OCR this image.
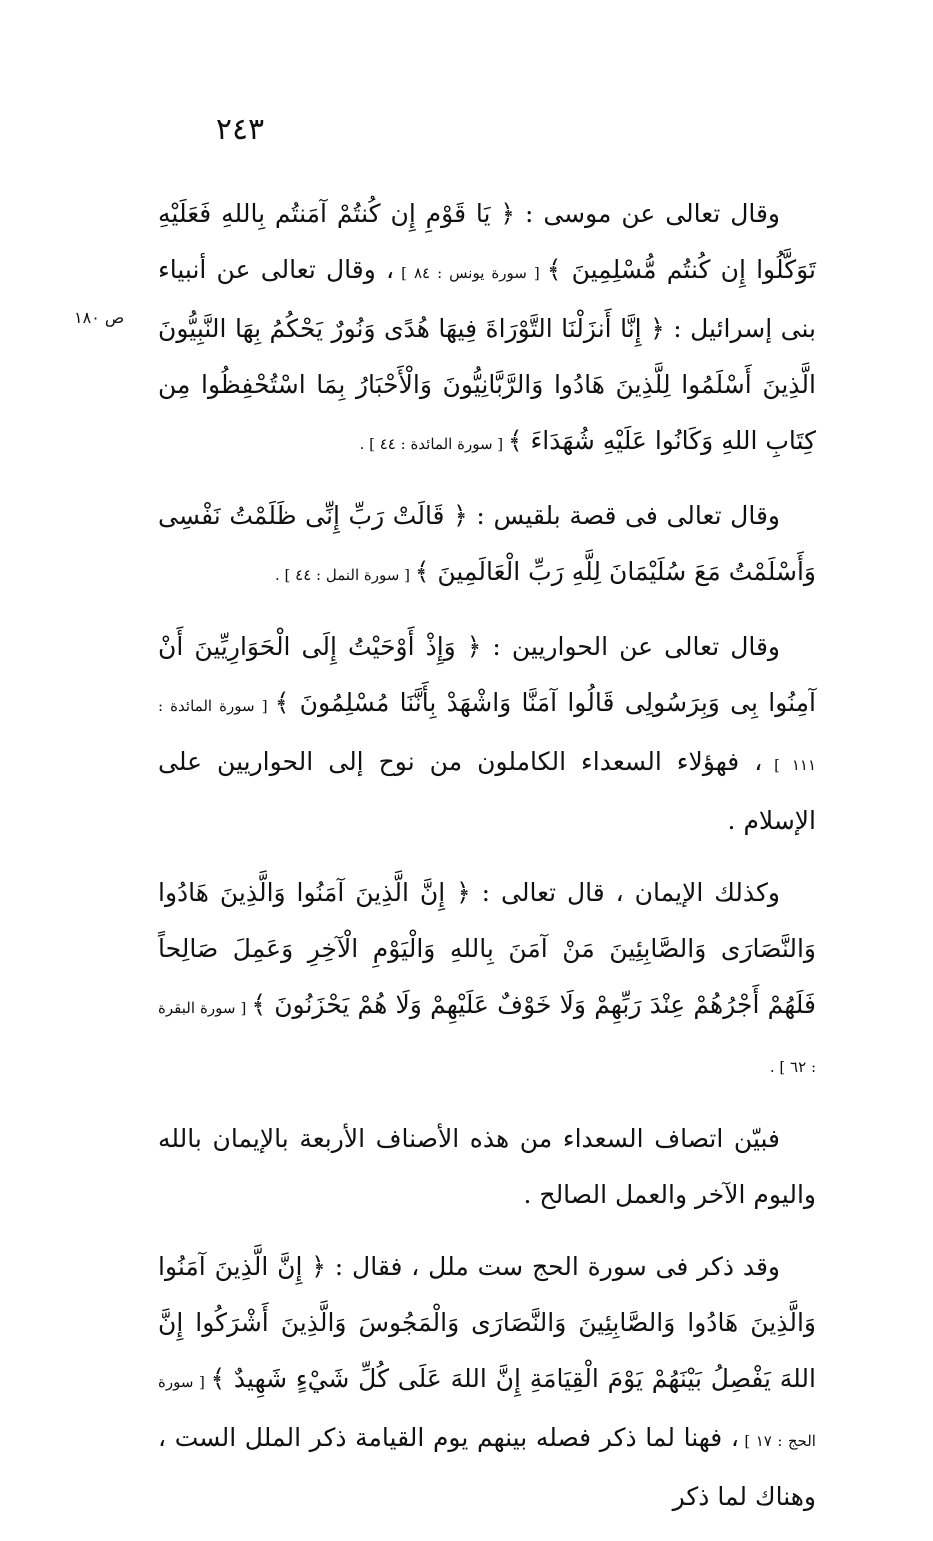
٢٤٣
ص ١٨٠

وقال تعالى عن موسى : ﴿ يَا قَوْمِ إِن كُنتُمْ آمَنتُم بِاللهِ فَعَلَيْهِ تَوَكَّلُوا إِن كُنتُم مُّسْلِمِينَ ﴾ [ سورة يونس : ٨٤ ] ، وقال تعالى عن أنبياء بنى إسرائيل : ﴿ إِنَّا أَنزَلْنَا التَّوْرَاةَ فِيهَا هُدًى وَنُورٌ يَحْكُمُ بِهَا النَّبِيُّونَ الَّذِينَ أَسْلَمُوا لِلَّذِينَ هَادُوا وَالرَّبَّانِيُّونَ وَالْأَحْبَارُ بِمَا اسْتُحْفِظُوا مِن كِتَابِ اللهِ وَكَانُوا عَلَيْهِ شُهَدَاءَ ﴾ [ سورة المائدة : ٤٤ ] .

وقال تعالى فى قصة بلقيس : ﴿ قَالَتْ رَبِّ إِنِّى ظَلَمْتُ نَفْسِى وَأَسْلَمْتُ مَعَ سُلَيْمَانَ لِلَّهِ رَبِّ الْعَالَمِينَ ﴾ [ سورة النمل : ٤٤ ] .

وقال تعالى عن الحواريين : ﴿ وَإِذْ أَوْحَيْتُ إِلَى الْحَوَارِيِّينَ أَنْ آمِنُوا بِى وَبِرَسُولِى قَالُوا آمَنَّا وَاشْهَدْ بِأَنَّنَا مُسْلِمُونَ ﴾ [ سورة المائدة : ١١١ ] ، فهؤلاء السعداء الكاملون من نوح إلى الحواريين على الإسلام .

وكذلك الإيمان ، قال تعالى : ﴿ إِنَّ الَّذِينَ آمَنُوا وَالَّذِينَ هَادُوا وَالنَّصَارَى وَالصَّابِئِينَ مَنْ آمَنَ بِاللهِ وَالْيَوْمِ الْآخِرِ وَعَمِلَ صَالِحاً فَلَهُمْ أَجْرُهُمْ عِنْدَ رَبِّهِمْ وَلَا خَوْفٌ عَلَيْهِمْ وَلَا هُمْ يَحْزَنُونَ ﴾ [ سورة البقرة : ٦٢ ] .

فبيّن اتصاف السعداء من هذه الأصناف الأربعة بالإيمان بالله واليوم الآخر والعمل الصالح .

وقد ذكر فى سورة الحج ست ملل ، فقال : ﴿ إِنَّ الَّذِينَ آمَنُوا وَالَّذِينَ هَادُوا وَالصَّابِئِينَ وَالنَّصَارَى وَالْمَجُوسَ وَالَّذِينَ أَشْرَكُوا إِنَّ اللهَ يَفْصِلُ بَيْنَهُمْ يَوْمَ الْقِيَامَةِ إِنَّ اللهَ عَلَى كُلِّ شَيْءٍ شَهِيدٌ ﴾ [ سورة الحج : ١٧ ] ، فهنا لما ذكر فصله بينهم يوم القيامة ذكر الملل الست ، وهناك لما ذكر
